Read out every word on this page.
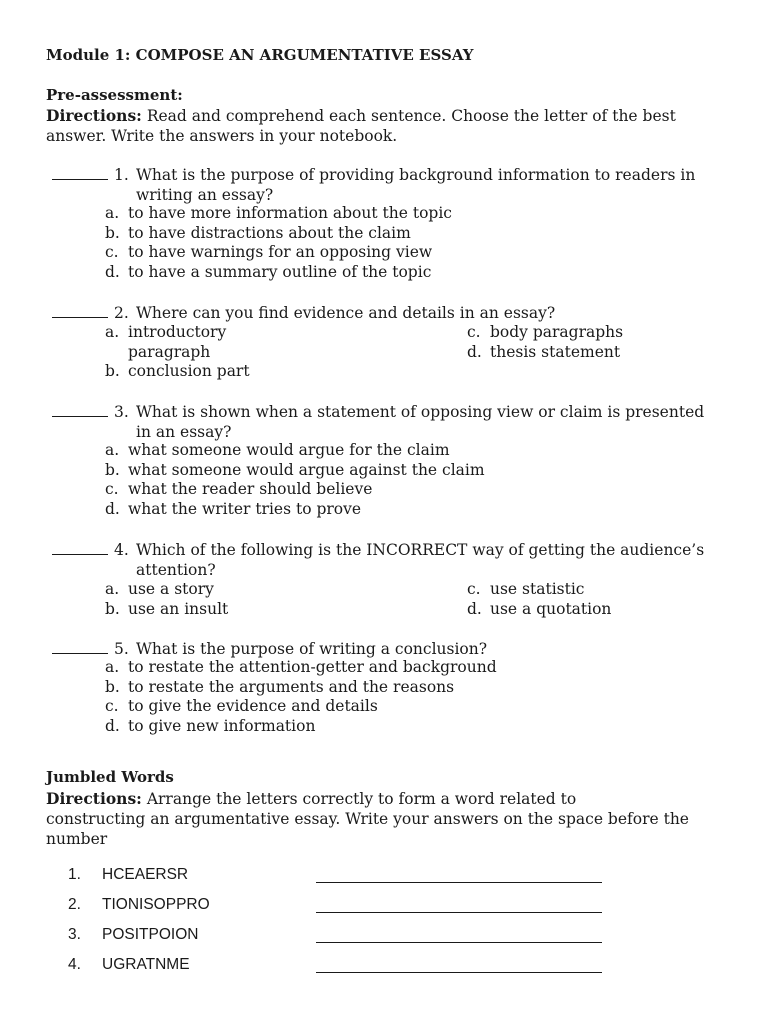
Module 1: COMPOSE AN ARGUMENTATIVE ESSAY
Pre-assessment:
Directions: Read and comprehend each sentence. Choose the letter of the best
answer. Write the answers in your notebook.
1. What is the purpose of providing background information to readers in
writing an essay?
a. to have more information about the topic
b. to have distractions about the claim
c. to have warnings for an opposing view
d. to have a summary outline of the topic
2. Where can you find evidence and details in an essay?
a. introductory
paragraph
b. conclusion part
c. body paragraphs
d. thesis statement
3. What is shown when a statement of opposing view or claim is presented
in an essay?
a. what someone would argue for the claim
b. what someone would argue against the claim
c. what the reader should believe
d. what the writer tries to prove
4. Which of the following is the INCORRECT way of getting the audience’s
attention?
a. use a story
b. use an insult
c. use statistic
d. use a quotation
5. What is the purpose of writing a conclusion?
a. to restate the attention-getter and background
b. to restate the arguments and the reasons
c. to give the evidence and details
d. to give new information
Jumbled Words
Directions: Arrange the letters correctly to form a word related to
constructing an argumentative essay. Write your answers on the space before the
number
1. HCEAERSR
2. TIONISOPPRO
3. POSITPOION
4. UGRATNME
